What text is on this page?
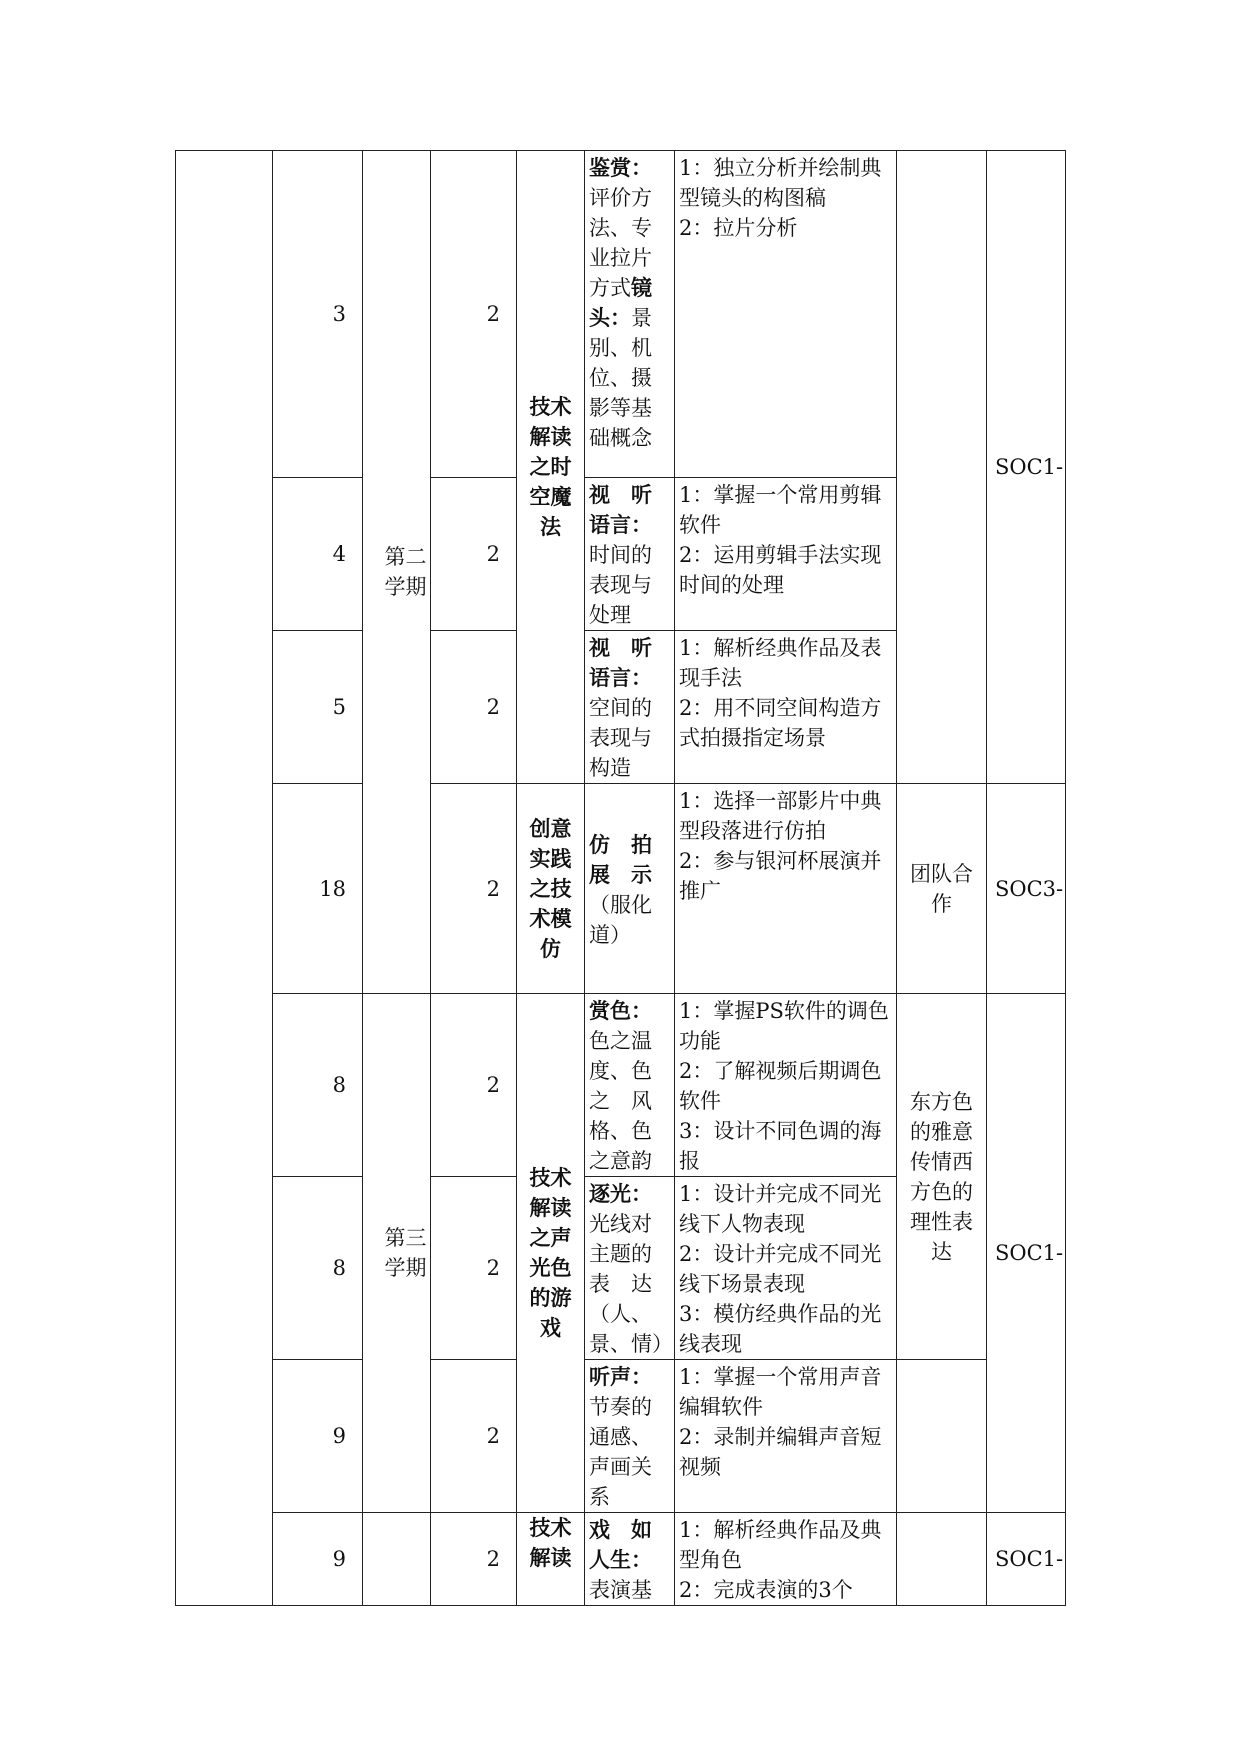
	3	第二学期	2	技术解读之时空魔法	鉴赏：评价方法、专业拉片方式镜头：景别、机位、摄影等基础概念	1：独立分析并绘制典型镜头的构图稿
2：拉片分析		SOC1-
	4		2		视　听语言：时间的表现与处理	1：掌握一个常用剪辑软件
2：运用剪辑手法实现时间的处理		

	5		2		视　听语言：空间的表现与构造	1：解析经典作品及表现手法
2：用不同空间构造方式拍摄指定场景		

	18		2	创意实践之技术模仿	仿　拍展　示（服化道）	1：选择一部影片中典型段落进行仿拍
2：参与银河杯展演并推广	团队合作	SOC3-
	8	第三学期	2	技术解读之声光色的游戏	赏色：色之温度、色之　风格、色之意韵	1：掌握PS软件的调色功能
2：了解视频后期调色软件
3：设计不同色调的海报	东方色的雅意传情西方色的理性表达	SOC1-
	8		2		逐光：光线对主题的表　达（人、景、情）	1：设计并完成不同光线下人物表现
2：设计并完成不同光线下场景表现
3：模仿经典作品的光线表现		

	9		2		听声：节奏的通感、声画关系	1：掌握一个常用声音编辑软件
2：录制并编辑声音短视频		

	9		2	技术解读	戏　如人生：表演基	1：解析经典作品及典型角色
2：完成表演的3个		SOC1-
